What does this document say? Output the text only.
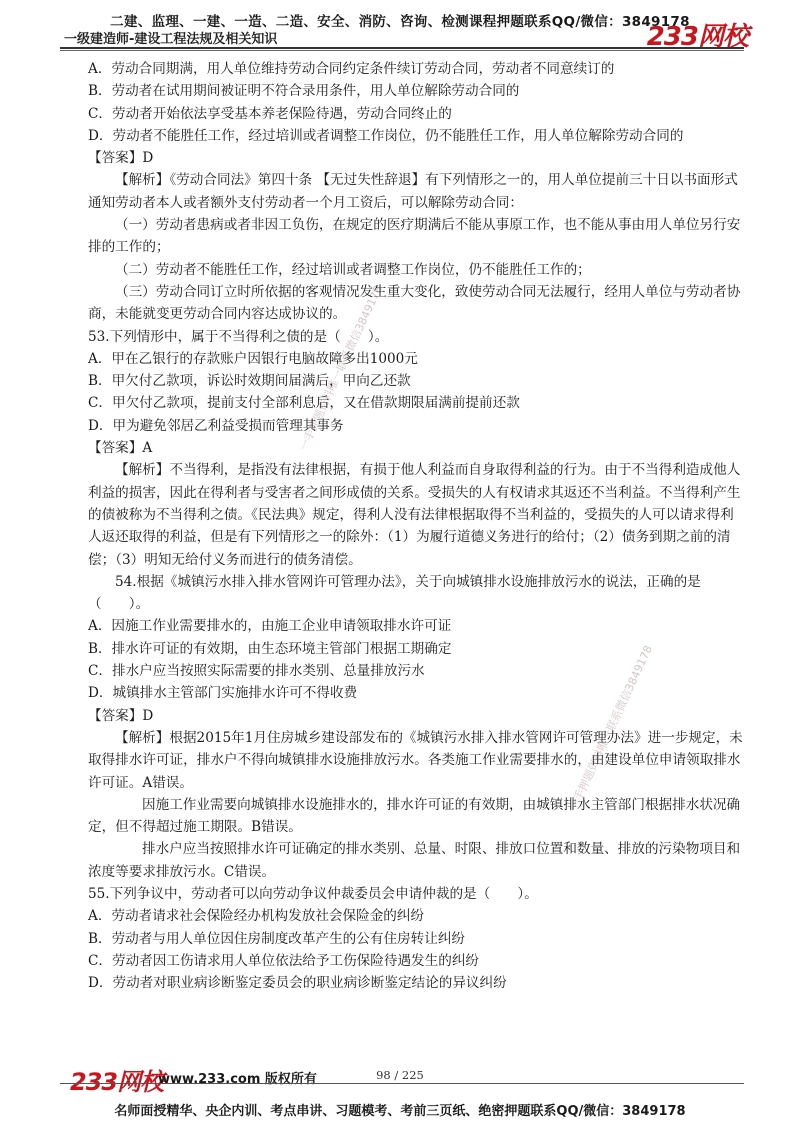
二建、监理、一建、一造、二造、安全、消防、咨询、检测课程押题联系QQ/微信：3849178
一级建造师-建设工程法规及相关知识	233网校
一手押题资料唯一联系微信3849178
一手押题资料唯一联系微信3849178

A．劳动合同期满，用人单位维持劳动合同约定条件续订劳动合同，劳动者不同意续订的

B．劳动者在试用期间被证明不符合录用条件，用人单位解除劳动合同的

C．劳动者开始依法享受基本养老保险待遇，劳动合同终止的

D．劳动者不能胜任工作，经过培训或者调整工作岗位，仍不能胜任工作，用人单位解除劳动合同的

【答案】D

【解析】《劳动合同法》第四十条 【无过失性辞退】有下列情形之一的，用人单位提前三十日以书面形式通知劳动者本人或者额外支付劳动者一个月工资后，可以解除劳动合同：

（一）劳动者患病或者非因工负伤，在规定的医疗期满后不能从事原工作，也不能从事由用人单位另行安排的工作的；

（二）劳动者不能胜任工作，经过培训或者调整工作岗位，仍不能胜任工作的；

（三）劳动合同订立时所依据的客观情况发生重大变化，致使劳动合同无法履行，经用人单位与劳动者协商，未能就变更劳动合同内容达成协议的。

53.下列情形中，属于不当得利之债的是（　　）。

A．甲在乙银行的存款账户因银行电脑故障多出1000元

B．甲欠付乙款项，诉讼时效期间届满后，甲向乙还款

C．甲欠付乙款项，提前支付全部利息后，又在借款期限届满前提前还款

D．甲为避免邻居乙利益受损而管理其事务

【答案】A

【解析】不当得利，是指没有法律根据，有损于他人利益而自身取得利益的行为。由于不当得利造成他人利益的损害，因此在得利者与受害者之间形成债的关系。受损失的人有权请求其返还不当利益。不当得利产生的债被称为不当得利之债。《民法典》规定，得利人没有法律根据取得不当利益的，受损失的人可以请求得利人返还取得的利益，但是有下列情形之一的除外：（1）为履行道德义务进行的给付；（2）债务到期之前的清偿；（3）明知无给付义务而进行的债务清偿。

54.根据《城镇污水排入排水管网许可管理办法》，关于向城镇排水设施排放污水的说法，正确的是（　　）。

A．因施工作业需要排水的，由施工企业申请领取排水许可证

B．排水许可证的有效期，由生态环境主管部门根据工期确定

C．排水户应当按照实际需要的排水类别、总量排放污水

D．城镇排水主管部门实施排水许可不得收费

【答案】D

【解析】根据2015年1月住房城乡建设部发布的《城镇污水排入排水管网许可管理办法》进一步规定，未取得排水许可证，排水户不得向城镇排水设施排放污水。各类施工作业需要排水的，由建设单位申请领取排水许可证。A错误。

因施工作业需要向城镇排水设施排水的，排水许可证的有效期，由城镇排水主管部门根据排水状况确定，但不得超过施工期限。B错误。

排水户应当按照排水许可证确定的排水类别、总量、时限、排放口位置和数量、排放的污染物项目和浓度等要求排放污水。C错误。

55.下列争议中，劳动者可以向劳动争议仲裁委员会申请仲裁的是（　　）。

A．劳动者请求社会保险经办机构发放社会保险金的纠纷

B．劳动者与用人单位因住房制度改革产生的公有住房转让纠纷

C．劳动者因工伤请求用人单位依法给予工伤保险待遇发生的纠纷

D．劳动者对职业病诊断鉴定委员会的职业病诊断鉴定结论的异议纠纷

233网校
www.233.com 版权所有	98 / 225
名师面授精华、央企内训、考点串讲、习题模考、考前三页纸、绝密押题联系QQ/微信：3849178
